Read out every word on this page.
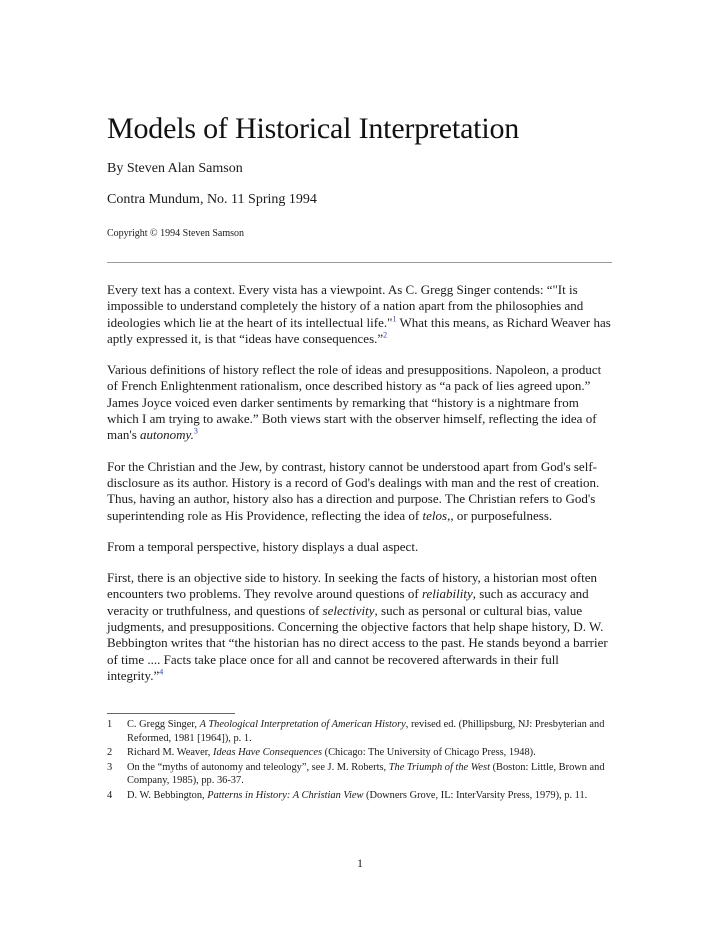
Models of Historical Interpretation
By Steven Alan Samson
Contra Mundum, No. 11 Spring 1994
Copyright © 1994 Steven Samson

Every text has a context. Every vista has a viewpoint. As C. Gregg Singer contends: “"It is impossible to understand completely the history of a nation apart from the philosophies and ideologies which lie at the heart of its intellectual life."$^1$ What this means, as Richard Weaver has aptly expressed it, is that “ideas have consequences.”$^2$

Various definitions of history reflect the role of ideas and presuppositions. Napoleon, a product of French Enlightenment rationalism, once described history as “a pack of lies agreed upon.” James Joyce voiced even darker sentiments by remarking that “history is a nightmare from which I am trying to awake.” Both views start with the observer himself, reflecting the idea of man's autonomy.$^3$

For the Christian and the Jew, by contrast, history cannot be understood apart from God's self-disclosure as its author. History is a record of God's dealings with man and the rest of creation. Thus, having an author, history also has a direction and purpose. The Christian refers to God's superintending role as His Providence, reflecting the idea of telos,, or purposefulness.

From a temporal perspective, history displays a dual aspect.

First, there is an objective side to history. In seeking the facts of history, a historian most often encounters two problems. They revolve around questions of reliability, such as accuracy and veracity or truthfulness, and questions of selectivity, such as personal or cultural bias, value judgments, and presuppositions. Concerning the objective factors that help shape history, D. W. Bebbington writes that “the historian has no direct access to the past. He stands beyond a barrier of time .... Facts take place once for all and cannot be recovered afterwards in their full integrity.”$^4$

1	C. Gregg Singer, A Theological Interpretation of American History, revised ed. (Phillipsburg, NJ: Presbyterian and Reformed, 1981 [1964]), p. 1.
2	Richard M. Weaver, Ideas Have Consequences (Chicago: The University of Chicago Press, 1948).
3	On the “myths of autonomy and teleology”, see J. M. Roberts, The Triumph of the West (Boston: Little, Brown and Company, 1985), pp. 36-37.
4	D. W. Bebbington, Patterns in History: A Christian View (Downers Grove, IL: InterVarsity Press, 1979), p. 11.
1
